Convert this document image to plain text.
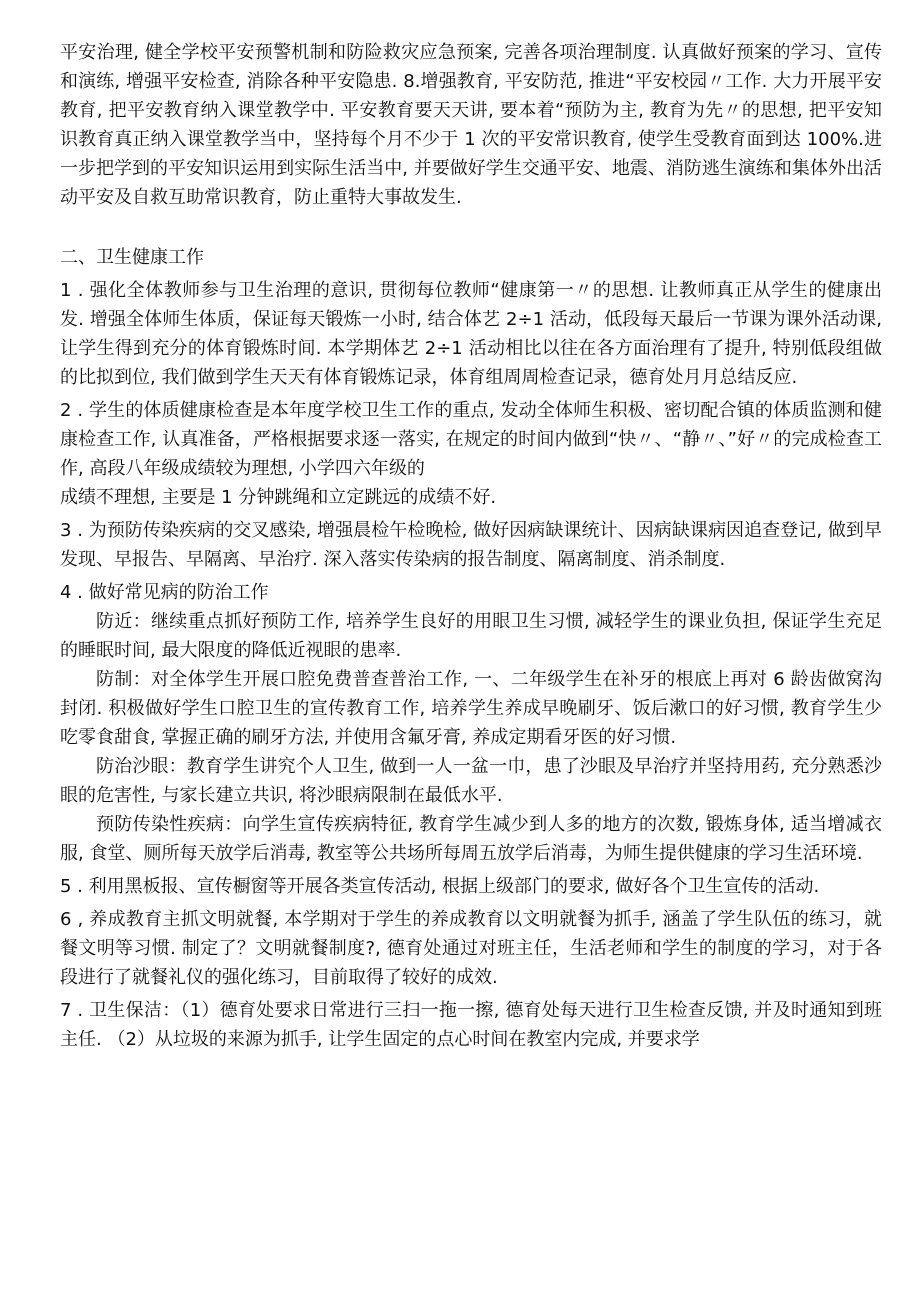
平安治理, 健全学校平安预警机制和防险救灾应急预案, 完善各项治理制度. 认真做好预案的学习、宣传和演练, 增强平安检查, 消除各种平安隐患. 8.增强教育, 平安防范, 推进“平安校园〃工作. 大力开展平安教育, 把平安教育纳入课堂教学中. 平安教育要天天讲, 要本着“预防为主, 教育为先〃的思想, 把平安知识教育真正纳入课堂教学当中，坚持每个月不少于 1 次的平安常识教育, 使学生受教育面到达 100%.进一步把学到的平安知识运用到实际生活当中, 并要做好学生交通平安、地震、消防逃生演练和集体外出活动平安及自救互助常识教育，防止重特大事故发生.

二、卫生健康工作

1 . 强化全体教师参与卫生治理的意识, 贯彻每位教师“健康第一〃的思想. 让教师真正从学生的健康出发. 增强全体师生体质，保证每天锻炼一小时, 结合体艺 2÷1 活动，低段每天最后一节课为课外活动课, 让学生得到充分的体育锻炼时间. 本学期体艺 2÷1 活动相比以往在各方面治理有了提升, 特别低段组做的比拟到位, 我们做到学生天天有体育锻炼记录，体育组周周检查记录，德育处月月总结反应.

2 . 学生的体质健康检查是本年度学校卫生工作的重点, 发动全体师生积极、密切配合镇的体质监测和健康检查工作, 认真准备，严格根据要求逐一落实, 在规定的时间内做到“快〃、“静〃、”好〃的完成检查工作, 高段八年级成绩较为理想, 小学四六年级的
成绩不理想, 主要是 1 分钟跳绳和立定跳远的成绩不好.

3 . 为预防传染疾病的交叉感染, 增强晨检午检晚检, 做好因病缺课统计、因病缺课病因追查登记, 做到早发现、早报告、早隔离、早治疗. 深入落实传染病的报告制度、隔离制度、消杀制度.

4 . 做好常见病的防治工作

防近：继续重点抓好预防工作, 培养学生良好的用眼卫生习惯, 减轻学生的课业负担, 保证学生充足的睡眠时间, 最大限度的降低近视眼的患率.

防制：对全体学生开展口腔免费普查普治工作, 一、二年级学生在补牙的根底上再对 6 龄齿做窝沟封闭. 积极做好学生口腔卫生的宣传教育工作, 培养学生养成早晚刷牙、饭后漱口的好习惯, 教育学生少吃零食甜食, 掌握正确的刷牙方法, 并使用含氟牙膏, 养成定期看牙医的好习惯.

防治沙眼：教育学生讲究个人卫生, 做到一人一盆一巾，患了沙眼及早治疗并坚持用药, 充分熟悉沙眼的危害性, 与家长建立共识, 将沙眼病限制在最低水平.

预防传染性疾病：向学生宣传疾病特征, 教育学生减少到人多的地方的次数, 锻炼身体, 适当增减衣服, 食堂、厕所每天放学后消毒, 教室等公共场所每周五放学后消毒，为师生提供健康的学习生活环境.

5 . 利用黑板报、宣传橱窗等开展各类宣传活动, 根据上级部门的要求, 做好各个卫生宣传的活动.

6 , 养成教育主抓文明就餐, 本学期对于学生的养成教育以文明就餐为抓手, 涵盖了学生队伍的练习，就餐文明等习惯. 制定了？文明就餐制度?, 德育处通过对班主任，生活老师和学生的制度的学习，对于各段进行了就餐礼仪的强化练习，目前取得了较好的成效.

7 . 卫生保洁：（1）德育处要求日常进行三扫一拖一擦, 德育处每天进行卫生检查反馈, 并及时通知到班主任. （2）从垃圾的来源为抓手, 让学生固定的点心时间在教室内完成, 并要求学
